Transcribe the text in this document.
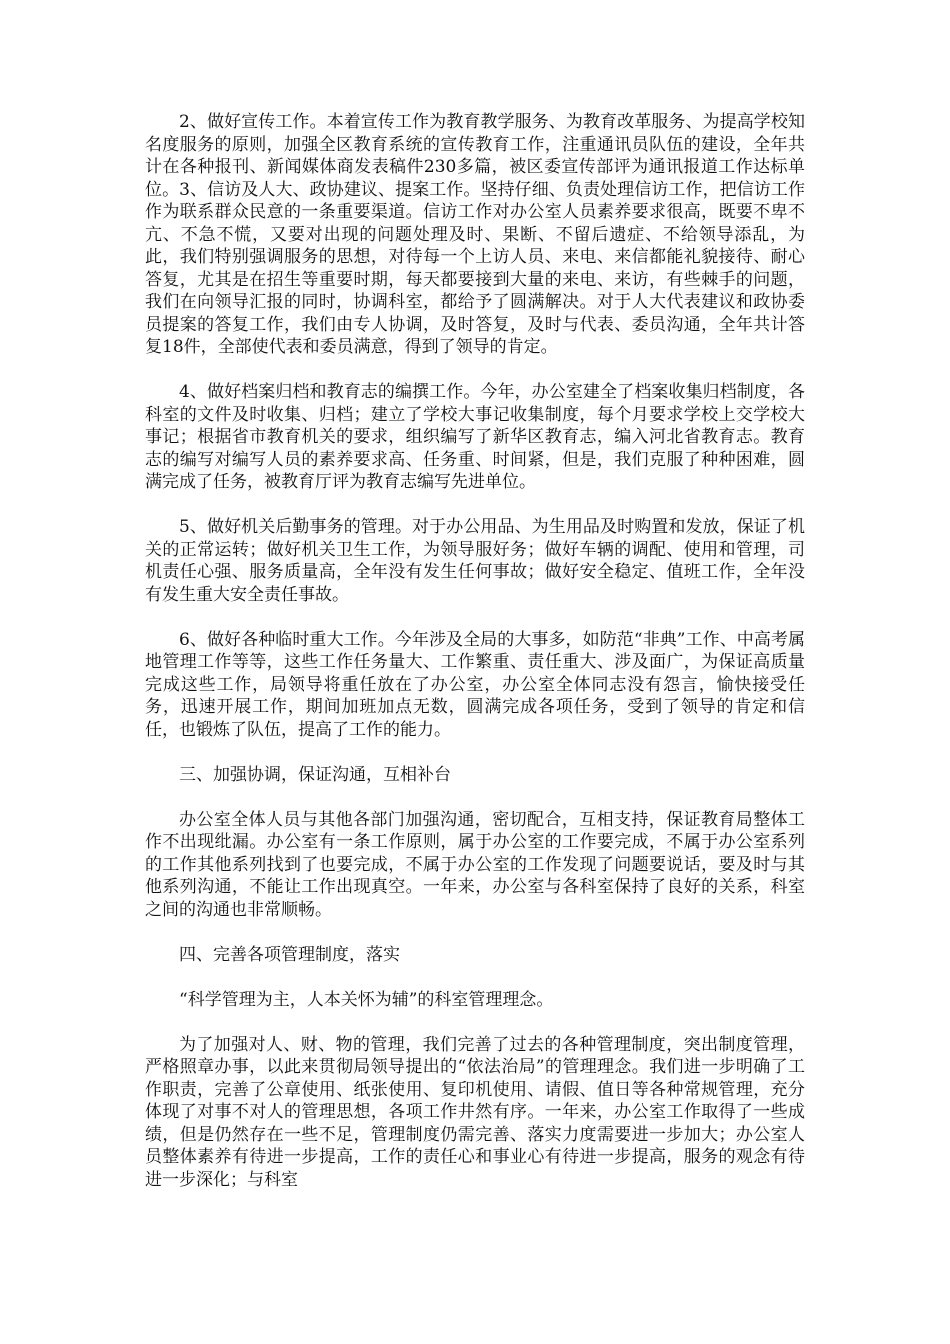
2、做好宣传工作。本着宣传工作为教育教学服务、为教育改革服务、为提高学校知名度服务的原则，加强全区教育系统的宣传教育工作，注重通讯员队伍的建设，全年共计在各种报刊、新闻媒体商发表稿件230多篇，被区委宣传部评为通讯报道工作达标单位。3、信访及人大、政协建议、提案工作。坚持仔细、负责处理信访工作，把信访工作作为联系群众民意的一条重要渠道。信访工作对办公室人员素养要求很高，既要不卑不亢、不急不慌，又要对出现的问题处理及时、果断、不留后遗症、不给领导添乱，为此，我们特别强调服务的思想，对待每一个上访人员、来电、来信都能礼貌接待、耐心答复，尤其是在招生等重要时期，每天都要接到大量的来电、来访，有些棘手的问题，我们在向领导汇报的同时，协调科室，都给予了圆满解决。对于人大代表建议和政协委员提案的答复工作，我们由专人协调，及时答复，及时与代表、委员沟通，全年共计答复18件，全部使代表和委员满意，得到了领导的肯定。

4、做好档案归档和教育志的编撰工作。今年，办公室建全了档案收集归档制度，各科室的文件及时收集、归档；建立了学校大事记收集制度，每个月要求学校上交学校大事记；根据省市教育机关的要求，组织编写了新华区教育志，编入河北省教育志。教育志的编写对编写人员的素养要求高、任务重、时间紧，但是，我们克服了种种困难，圆满完成了任务，被教育厅评为教育志编写先进单位。

5、做好机关后勤事务的管理。对于办公用品、为生用品及时购置和发放，保证了机关的正常运转；做好机关卫生工作，为领导服好务；做好车辆的调配、使用和管理，司机责任心强、服务质量高，全年没有发生任何事故；做好安全稳定、值班工作，全年没有发生重大安全责任事故。

6、做好各种临时重大工作。今年涉及全局的大事多，如防范“非典”工作、中高考属地管理工作等等，这些工作任务量大、工作繁重、责任重大、涉及面广，为保证高质量完成这些工作，局领导将重任放在了办公室，办公室全体同志没有怨言，愉快接受任务，迅速开展工作，期间加班加点无数，圆满完成各项任务，受到了领导的肯定和信任，也锻炼了队伍，提高了工作的能力。

三、加强协调，保证沟通，互相补台

办公室全体人员与其他各部门加强沟通，密切配合，互相支持，保证教育局整体工作不出现纰漏。办公室有一条工作原则，属于办公室的工作要完成，不属于办公室系列的工作其他系列找到了也要完成，不属于办公室的工作发现了问题要说话，要及时与其他系列沟通，不能让工作出现真空。一年来，办公室与各科室保持了良好的关系，科室之间的沟通也非常顺畅。

四、完善各项管理制度，落实

“科学管理为主，人本关怀为辅”的科室管理理念。

为了加强对人、财、物的管理，我们完善了过去的各种管理制度，突出制度管理，严格照章办事，以此来贯彻局领导提出的“依法治局”的管理理念。我们进一步明确了工作职责，完善了公章使用、纸张使用、复印机使用、请假、值日等各种常规管理，充分体现了对事不对人的管理思想，各项工作井然有序。一年来，办公室工作取得了一些成绩，但是仍然存在一些不足，管理制度仍需完善、落实力度需要进一步加大；办公室人员整体素养有待进一步提高，工作的责任心和事业心有待进一步提高，服务的观念有待进一步深化；与科室
